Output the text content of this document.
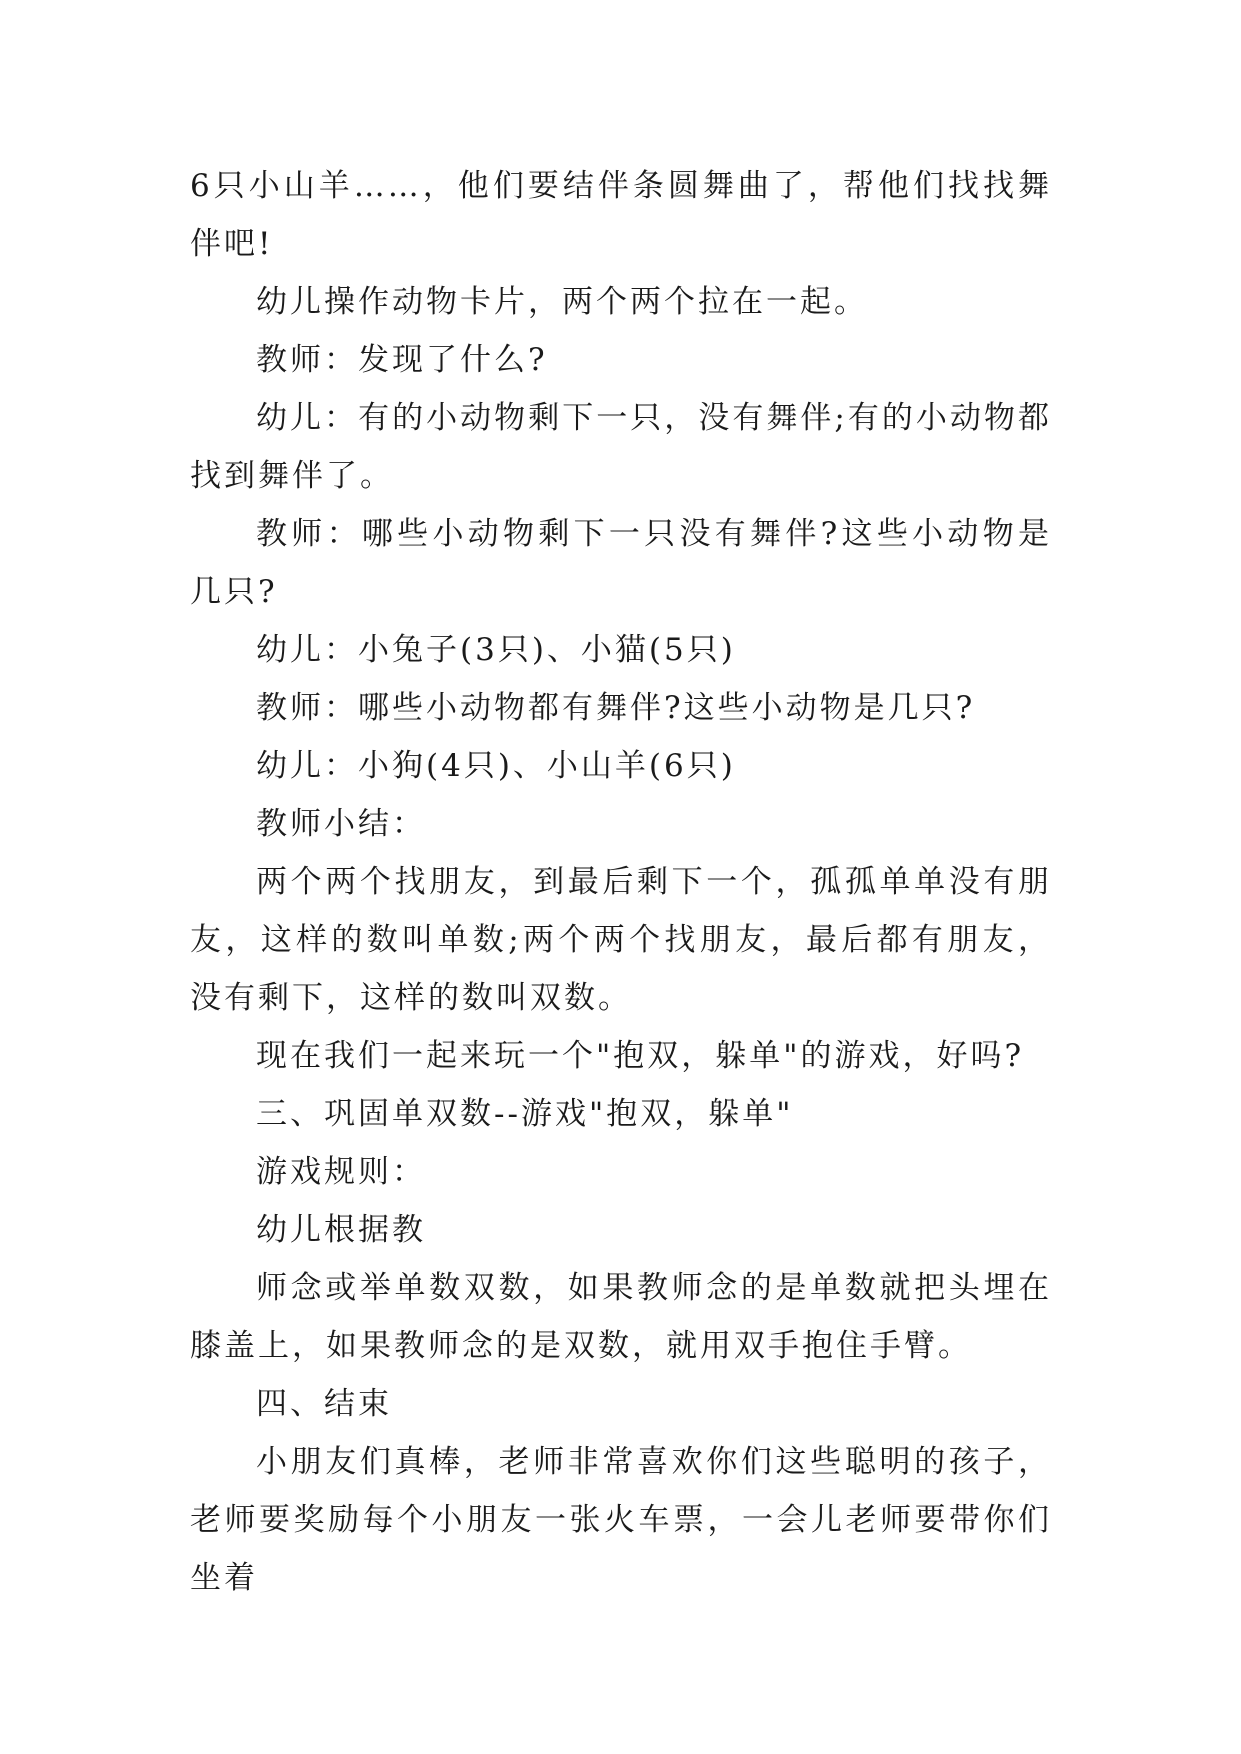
6只小山羊……，他们要结伴条圆舞曲了，帮他们找找舞伴吧!

幼儿操作动物卡片，两个两个拉在一起。

教师：发现了什么?

幼儿：有的小动物剩下一只，没有舞伴;有的小动物都找到舞伴了。

教师：哪些小动物剩下一只没有舞伴?这些小动物是几只?

幼儿：小兔子(3只)、小猫(5只)

教师：哪些小动物都有舞伴?这些小动物是几只?

幼儿：小狗(4只)、小山羊(6只)

教师小结：

两个两个找朋友，到最后剩下一个，孤孤单单没有朋友，这样的数叫单数;两个两个找朋友，最后都有朋友，没有剩下，这样的数叫双数。

现在我们一起来玩一个"抱双，躲单"的游戏，好吗?

三、巩固单双数--游戏"抱双，躲单"

游戏规则：

幼儿根据教

师念或举单数双数，如果教师念的是单数就把头埋在膝盖上，如果教师念的是双数，就用双手抱住手臂。

四、结束

小朋友们真棒，老师非常喜欢你们这些聪明的孩子，老师要奖励每个小朋友一张火车票，一会儿老师要带你们坐着
